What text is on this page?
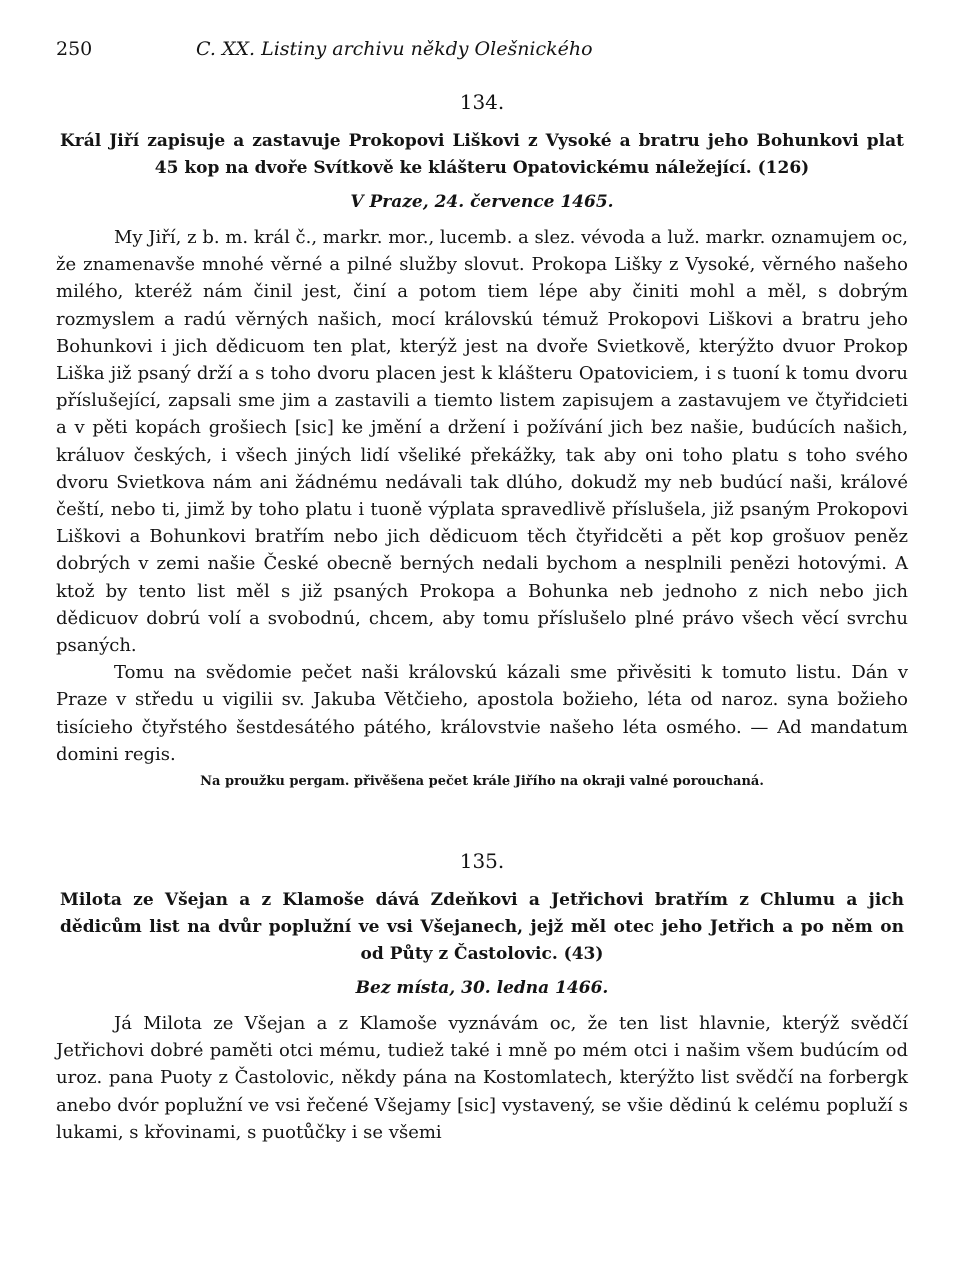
250	C. XX. Listiny archivu někdy Olešnického
134.
Král Jiří zapisuje a zastavuje Prokopovi Liškovi z Vysoké a bratru jeho Bohunkovi plat 45 kop na dvoře Svítkově ke klášteru Opatovickému náležející. (126)
V Praze, 24. července 1465.

My Jiří, z b. m. král č., markr. mor., lucemb. a slez. vévoda a luž. markr. oznamujem oc, že znamenavše mnohé věrné a pilné služby slovut. Prokopa Lišky z Vysoké, věrného našeho milého, kteréž nám činil jest, činí a potom tiem lépe aby činiti mohl a měl, s dobrým rozmyslem a radú věrných našich, mocí královskú témuž Prokopovi Liškovi a bratru jeho Bohunkovi i jich dědicuom ten plat, kterýž jest na dvoře Svietkově, kterýžto dvuor Prokop Liška již psaný drží a s toho dvoru placen jest k klášteru Opatoviciem, i s tuoní k tomu dvoru příslušející, zapsali sme jim a zastavili a tiemto listem zapisujem a zastavujem ve čtyřidcieti a v pěti kopách grošiech [sic] ke jmění a držení i požívání jich bez našie, budúcích našich, králuov českých, i všech jiných lidí všeliké překážky, tak aby oni toho platu s toho svého dvoru Svietkova nám ani žádnému nedávali tak dlúho, dokudž my neb budúcí naši, králové čeští, nebo ti, jimž by toho platu i tuoně výplata spravedlivě příslušela, již psaným Prokopovi Liškovi a Bohunkovi bratřím nebo jich dědicuom těch čtyřidcěti a pět kop grošuov peněz dobrých v zemi našie České obecně berných nedali bychom a nesplnili penězi hotovými. A ktož by tento list měl s již psaných Prokopa a Bohunka neb jednoho z nich nebo jich dědicuov dobrú volí a svobodnú, chcem, aby tomu příslušelo plné právo všech věcí svrchu psaných.

Tomu na svědomie pečet naši královskú kázali sme přivěsiti k tomuto listu. Dán v Praze v středu u vigilii sv. Jakuba Větčieho, apostola božieho, léta od naroz. syna božieho tisícieho čtyřstého šestdesátého pátého, královstvie našeho léta osmého. — Ad mandatum domini regis.

Na proužku pergam. přivěšena pečet krále Jiřího na okraji valné porouchaná.
135.
Milota ze Všejan a z Klamoše dává Zdeňkovi a Jetřichovi bratřím z Chlumu a jich dědicům list na dvůr poplužní ve vsi Všejanech, jejž měl otec jeho Jetřich a po něm on od Půty z Častolovic. (43)
Bez místa, 30. ledna 1466.

Já Milota ze Všejan a z Klamoše vyznávám oc, že ten list hlavnie, kterýž svědčí Jetřichovi dobré paměti otci mému, tudiež také i mně po mém otci i našim všem budúcím od uroz. pana Puoty z Častolovic, někdy pána na Kostomlatech, kterýžto list svědčí na forbergk anebo dvór poplužní ve vsi řečené Všejamy [sic] vystavený, se všie dědinú k celému popluží s lukami, s křovinami, s puotůčky i se všemi
